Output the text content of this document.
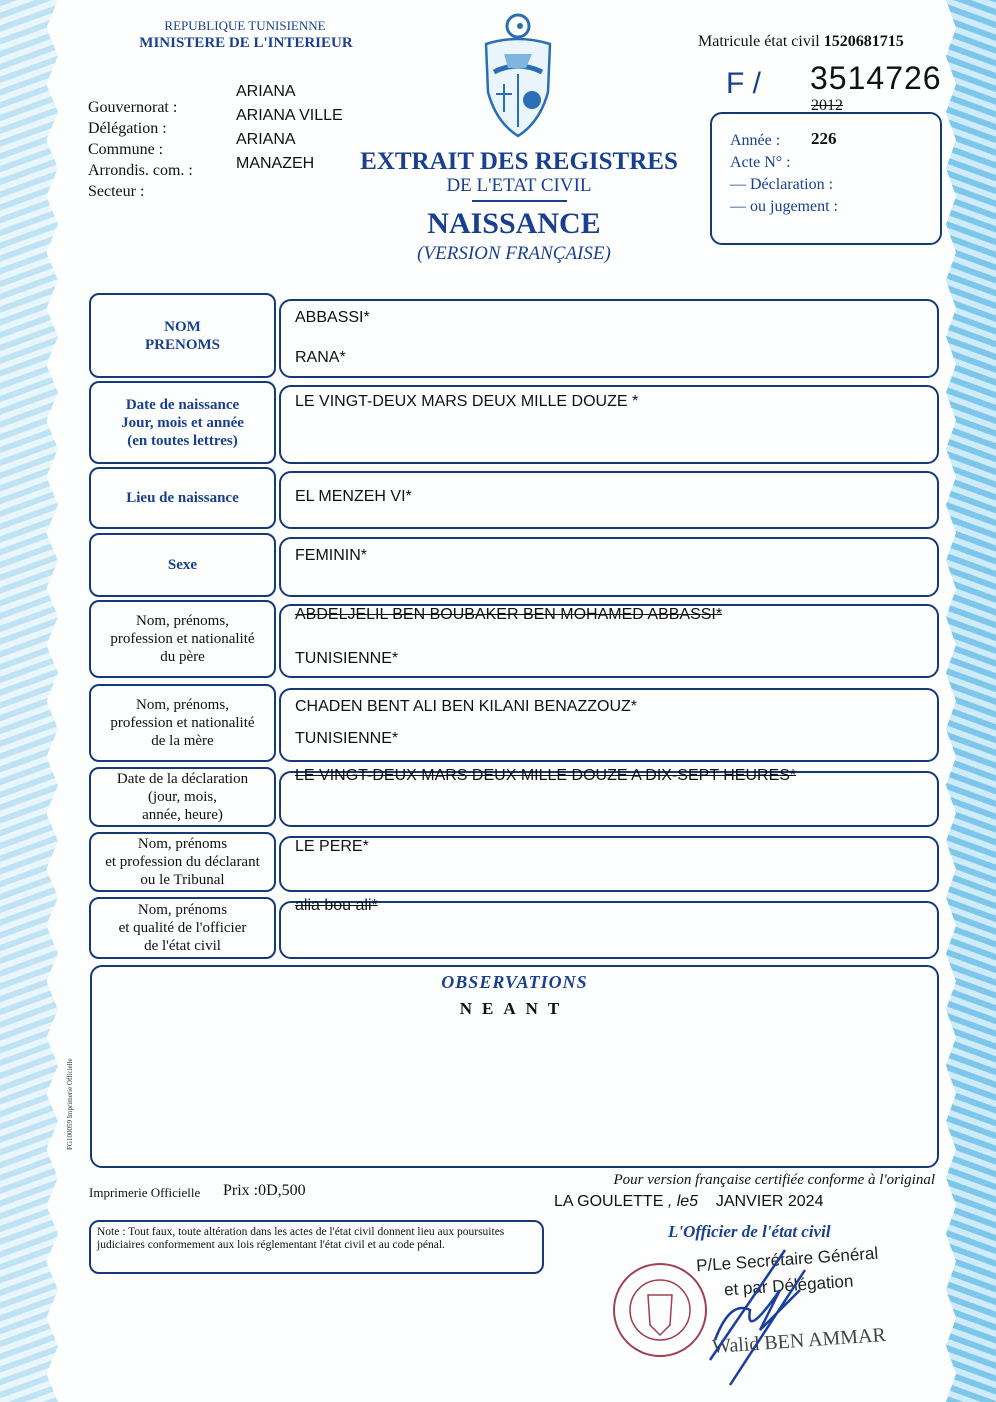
REPUBLIQUE TUNISIENNE
MINISTERE DE L'INTERIEUR
Gouvernorat :
Délégation :
Commune :
Arrondis. com. :
Secteur :
ARIANA
ARIANA VILLE
ARIANA
MANAZEH	EXTRAIT DES REGISTRES
DE L'ETAT CIVIL
NAISSANCE
(VERSION FRANÇAISE)
Matricule état civil 1520681715
F / 3514726
2012
Année :
Acte N° :
— Déclaration :
— ou jugement :
226
NOM
PRENOMS
ABBASSI*
RANA*
Date de naissance
Jour, mois et année
(en toutes lettres)
LE VINGT-DEUX MARS DEUX MILLE DOUZE *
Lieu de naissance	EL MENZEH VI*
Sexe
FEMININ*
Nom, prénoms,
profession et nationalité
du père
ABDELJELIL BEN BOUBAKER BEN MOHAMED ABBASSI*
TUNISIENNE*
Nom, prénoms,
profession et nationalité
de la mère
CHADEN BENT ALI BEN KILANI BENAZZOUZ*
TUNISIENNE*
Date de la déclaration
(jour, mois,
année, heure)
LE VINGT-DEUX MARS DEUX MILLE DOUZE A DIX-SEPT HEURES*
Nom, prénoms
et profession du déclarant
ou le Tribunal
LE PERE*
Nom, prénoms
et qualité de l'officier
de l'état civil
alia bou ali*
OBSERVATIONS
NEANT
FG100059 Imprimerie Officielle
Imprimerie Officielle Prix :0D,500
Pour version française certifiée conforme à l'original
LA GOULETTE , le5 JANVIER 2024
Note : Tout faux, toute altération dans les actes de l'état civil donnent lieu aux poursuites judiciaires conformement aux lois réglementant l'état civil et au code pénal.
L'Officier de l'état civil
P/Le Secrétaire Général
et par Délégation
Walid BEN AMMAR
